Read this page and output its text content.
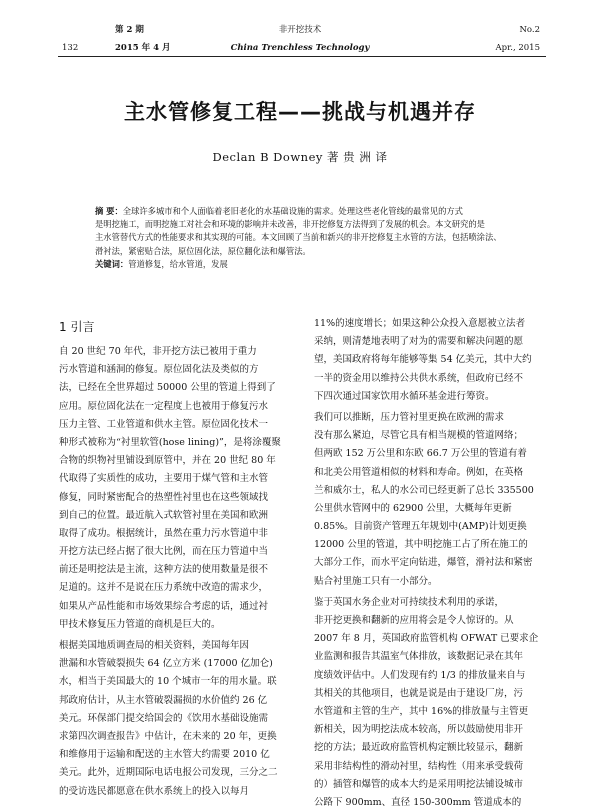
第 2 期
132	2015 年 4 月
非开挖技术
China Trenchless Technology
No.2
Apr., 2015
主水管修复工程——挑战与机遇并存
Declan B Downey 著 贵 洲 译
摘 要：全球许多城市和个人面临着老旧老化的水基础设施的需求。处理这些老化管线的最常见的方式
是明挖施工，而明挖施工对社会和环境的影响并未改善，非开挖修复方法得到了发展的机会。本文研究的是
主水管替代方式的性能要求和其实现的可能。本文回顾了当前和新兴的非开挖修复主水管的方法，包括喷涂法、
滑衬法，紧密贴合法，原位固化法，原位翻化法和爆管法。
关键词：管道修复，给水管道，发展
1 引言
自 20 世纪 70 年代，非开挖方法已被用于重力
污水管道和涵洞的修复。原位固化法及类似的方
法，已经在全世界超过 50000 公里的管道上得到了
应用。原位固化法在一定程度上也被用于修复污水
压力主管、工业管道和供水主管。原位固化技术一
种形式被称为“衬里软管(hose lining)”，是将涂覆聚
合物的织物衬里铺设到原管中，并在 20 世纪 80 年
代取得了实质性的成功，主要用于煤气管和主水管
修复，同时紧密配合的热塑性衬里也在这些领域找
到自己的位置。最近航入式软管衬里在美国和欧洲
取得了成功。根据统计，虽然在重力污水管道中非
开挖方法已经占据了很大比例，而在压力管道中当
前还是明挖法是主流，这种方法的使用数量是很不
足道的。这并不是说在压力系统中改造的需求少，
如果从产品性能和市场效果综合考虑的话，通过衬
甲技术修复压力管道的商机是巨大的。
根据美国地质调查局的相关资料，美国每年因
泄漏和水管破裂损失 64 亿立方米 (17000 亿加仑)
水，相当于美国最大的 10 个城市一年的用水量。联
邦政府估计，从主水管破裂漏损的水价值约 26 亿
美元。环保部门提交给国会的《饮用水基础设施需
求第四次调查报告》中估计，在未来的 20 年，更换
和维修用于运输和配送的主水管大约需要 2010 亿
美元。此外，近期国际电话电报公司发现，三分之二
的受访选民都愿意在供水系统上的投入以每月
11%的速度增长；如果这种公众投入意愿被立法者
采纳，则清楚地表明了对为的需要和解决问题的愿
望，美国政府将每年能够等集 54 亿美元，其中大约
一半的资金用以维持公共供水系统，但政府已经不
下四次通过国家饮用水循环基金进行筹资。
我们可以推断，压力管衬里更换在欧洲的需求
没有那么紧迫，尽管它具有相当规模的管道网络；
但两欧 152 万公里和东欧 66.7 万公里的管道有着
和北美公用管道相似的材料和寿命。例如，在英格
兰和威尔士，私人的水公司已经更新了总长 335500
公里供水管网中的 62900 公里，大概每年更新
0.85%。目前资产管理五年规划中(AMP)计划更换
12000 公里的管道，其中明挖施工占了所在施工的
大部分工作，而水平定向钻进，爆管，滑衬法和紧密
贴合衬里施工只有一小部分。
鉴于英国水务企业对可持续技术利用的承诺，
非开挖更换和翻新的应用将会是令人惊讶的。从
2007 年 8 月，英国政府监管机构 OFWAT 已要求企
业监测和报告其温室气体排放，该数据记录在其年
度绩效评估中。人们发现有约 1/3 的排放量来自与
其相关的其他项目，也就是说是由于建设厂房，污
水管道和主管的生产，其中 16%的排放量与主管更
新相关，因为明挖法成本较高，所以鼓励使用非开
挖的方法；最近政府监管机构定额比较显示，翻新
采用非结构性的滑动衬里，结构性（用来承受载荷
的）插管和爆管的成本大约是采用明挖法铺设城市
公路下 900mm、直径 150-300mm 管道成本的
